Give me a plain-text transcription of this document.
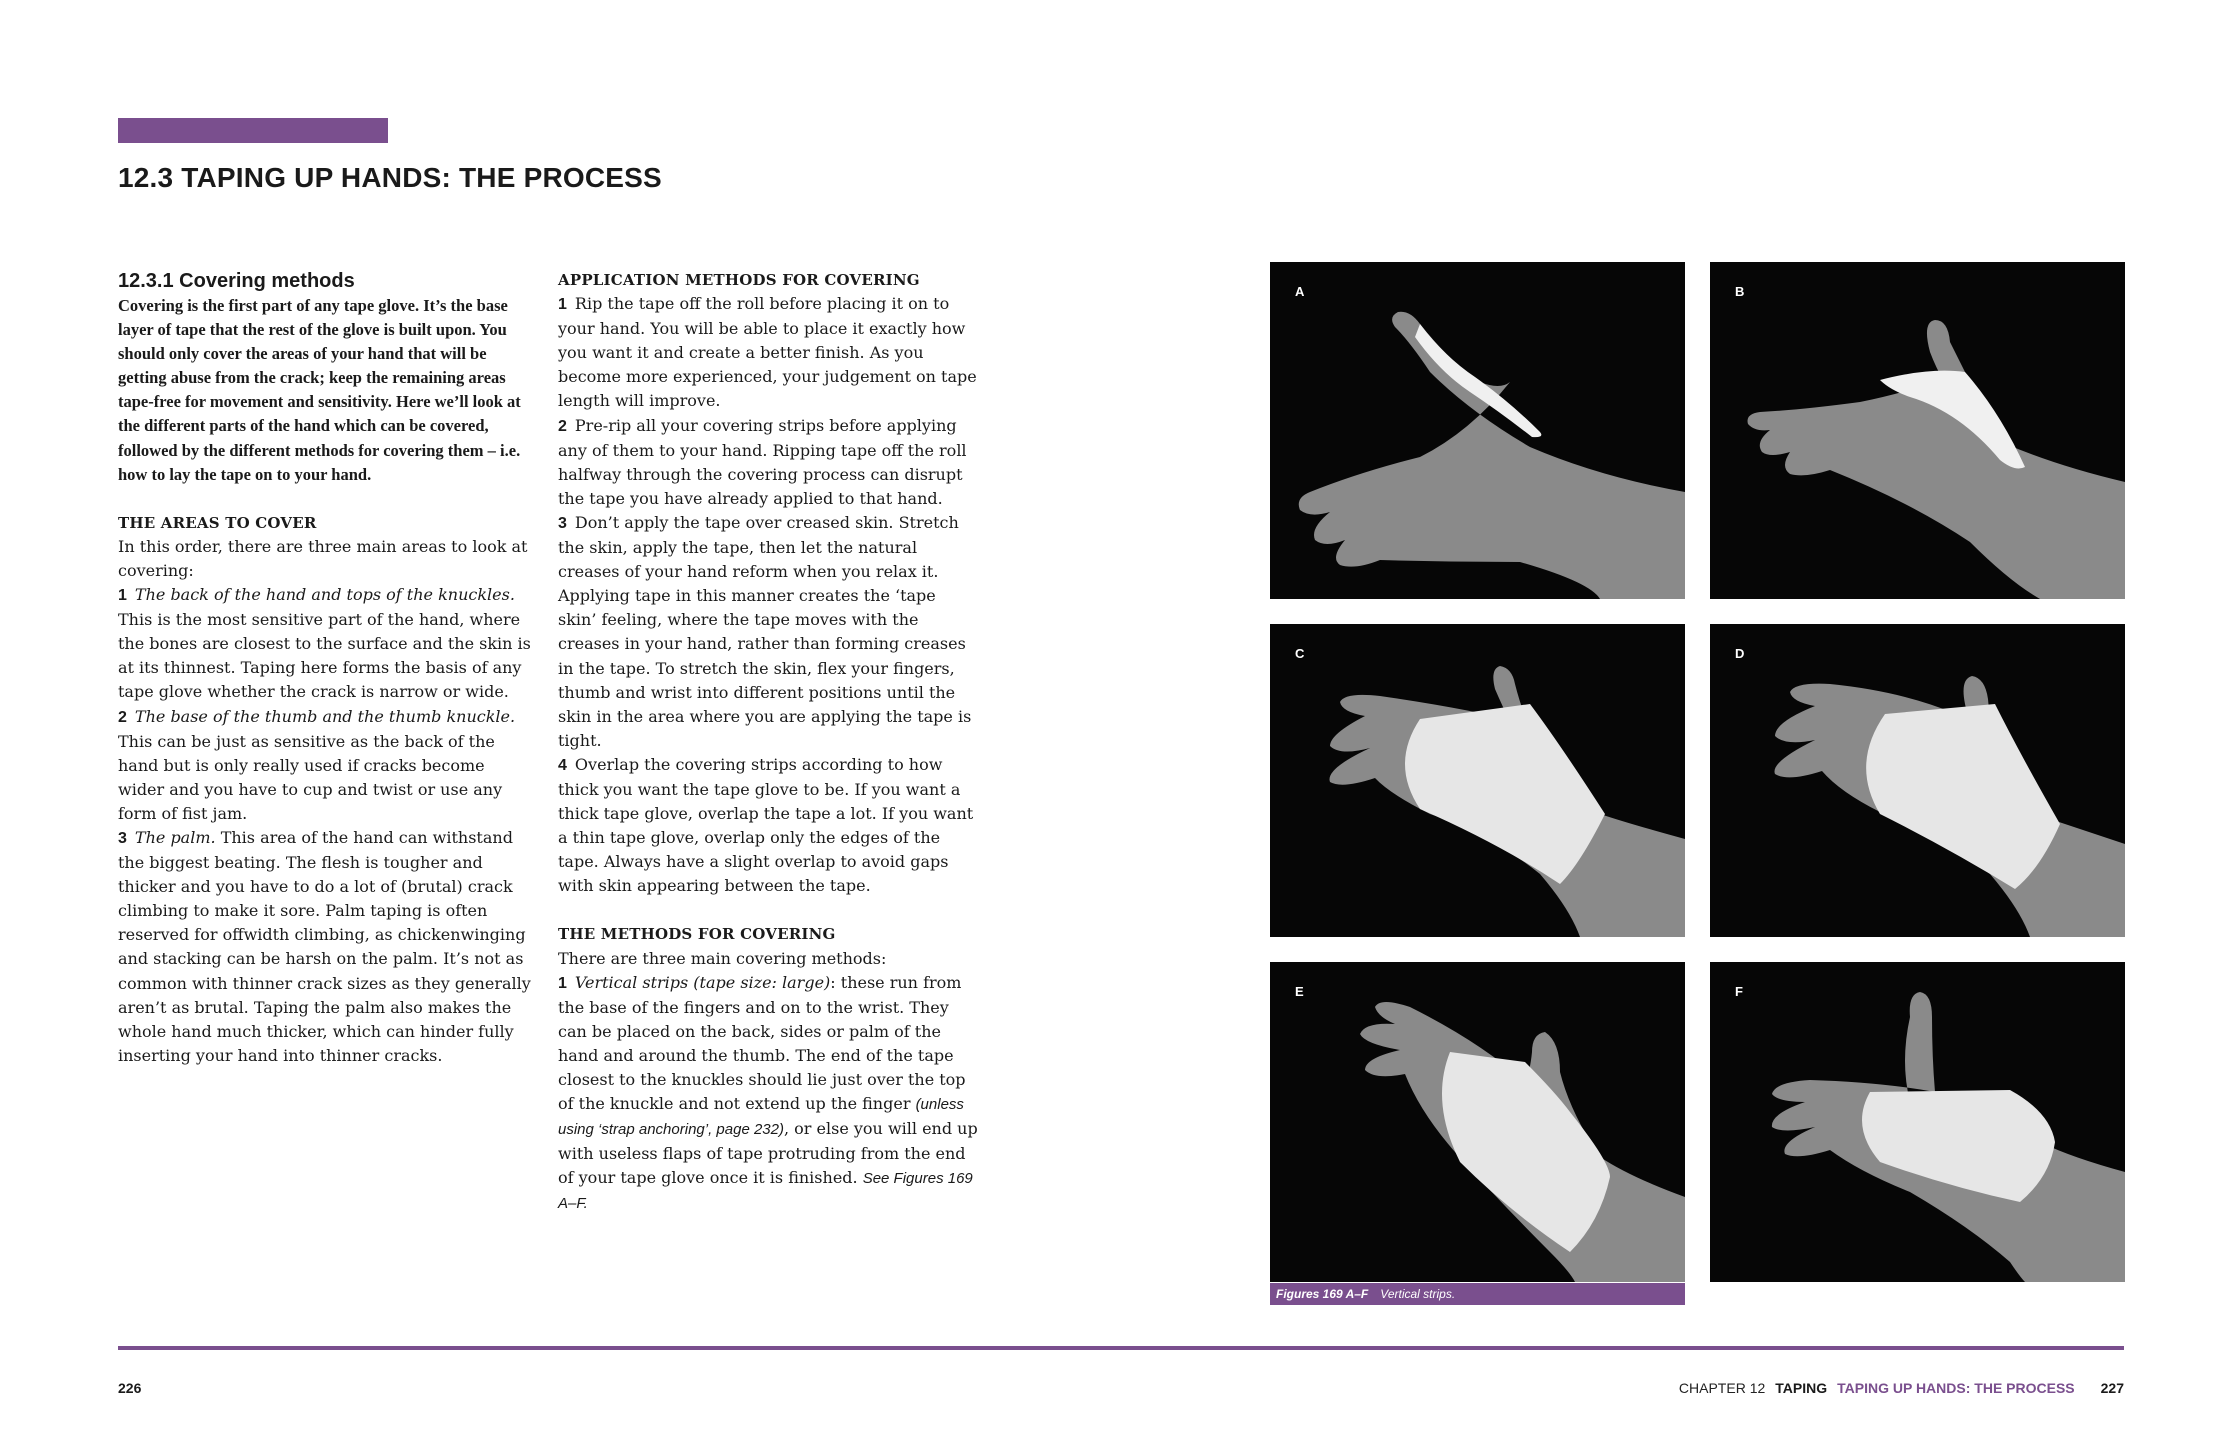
12.3 TAPING UP HANDS: THE PROCESS

12.3.1 Covering methods

Covering is the first part of any tape glove. It’s the base layer of tape that the rest of the glove is built upon. You should only cover the areas of your hand that will be getting abuse from the crack; keep the remaining areas tape-free for movement and sensitivity. Here we’ll look at the different parts of the hand which can be covered, followed by the different methods for covering them – i.e. how to lay the tape on to your hand.

THE AREAS TO COVER

In this order, there are three main areas to look at covering:

1 The back of the hand and tops of the knuckles. This is the most sensitive part of the hand, where the bones are closest to the surface and the skin is at its thinnest. Taping here forms the basis of any tape glove whether the crack is narrow or wide.

2 The base of the thumb and the thumb knuckle. This can be just as sensitive as the back of the hand but is only really used if cracks become wider and you have to cup and twist or use any form of fist jam.

3 The palm. This area of the hand can withstand the biggest beating. The flesh is tougher and thicker and you have to do a lot of (brutal) crack climbing to make it sore. Palm taping is often reserved for offwidth climbing, as chickenwinging and stacking can be harsh on the palm. It’s not as common with thinner crack sizes as they generally aren’t as brutal. Taping the palm also makes the whole hand much thicker, which can hinder fully inserting your hand into thinner cracks.

APPLICATION METHODS FOR COVERING

1 Rip the tape off the roll before placing it on to your hand. You will be able to place it exactly how you want it and create a better finish. As you become more experienced, your judgement on tape length will improve.

2 Pre-rip all your covering strips before applying any of them to your hand. Ripping tape off the roll halfway through the covering process can disrupt the tape you have already applied to that hand.

3 Don’t apply the tape over creased skin. Stretch the skin, apply the tape, then let the natural creases of your hand reform when you relax it. Applying tape in this manner creates the ‘tape skin’ feeling, where the tape moves with the creases in your hand, rather than forming creases in the tape. To stretch the skin, flex your fingers, thumb and wrist into different positions until the skin in the area where you are applying the tape is tight.

4 Overlap the covering strips according to how thick you want the tape glove to be. If you want a thick tape glove, overlap the tape a lot. If you want a thin tape glove, overlap only the edges of the tape. Always have a slight overlap to avoid gaps with skin appearing between the tape.

THE METHODS FOR COVERING

There are three main covering methods:

1 Vertical strips (tape size: large): these run from the base of the fingers and on to the wrist. They can be placed on the back, sides or palm of the hand and around the thumb. The end of the tape closest to the knuckles should lie just over the top of the knuckle and not extend up the finger (unless using ‘strap anchoring’, page 232), or else you will end up with useless flaps of tape protruding from the end of your tape glove once it is finished. See Figures 169 A–F.

A	B
C	D
E	F
Figures 169 A–F Vertical strips.
226	CHAPTER 12 TAPING TAPING UP HANDS: THE PROCESS 227
